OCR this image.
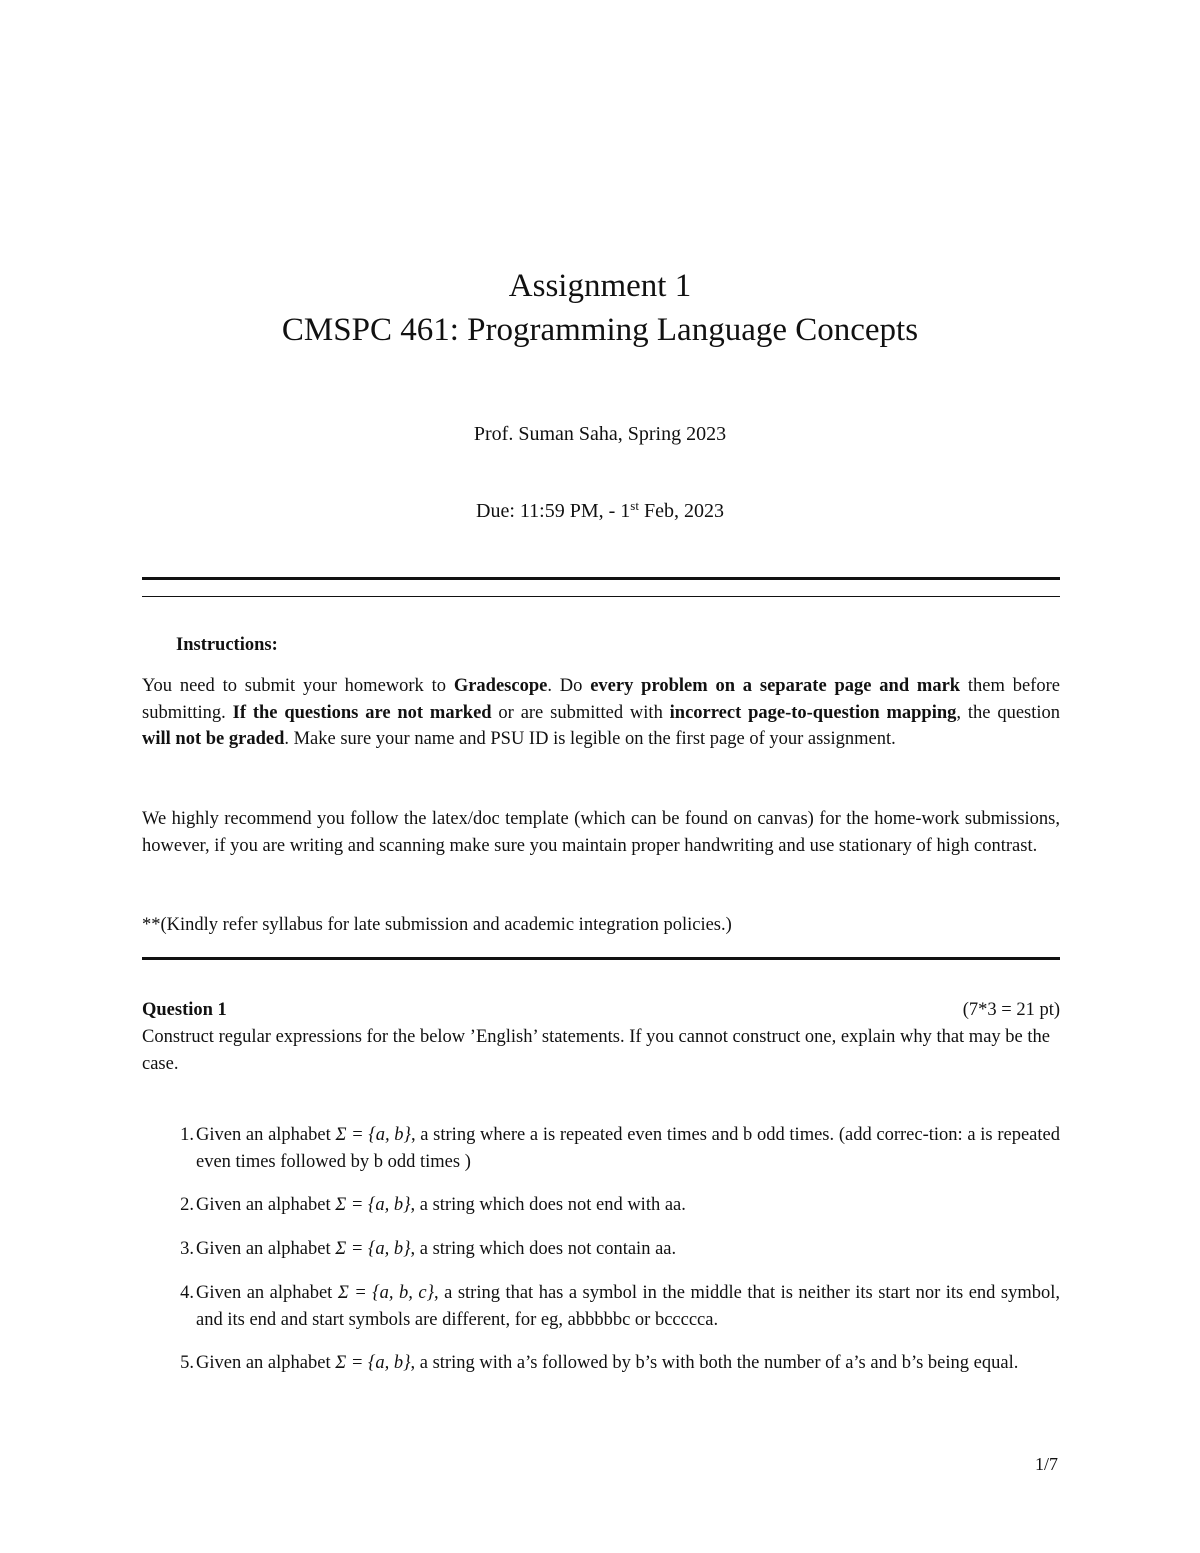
Assignment 1
CMSPC 461: Programming Language Concepts
Prof. Suman Saha, Spring 2023
Due: 11:59 PM, - 1st Feb, 2023
Instructions:
You need to submit your homework to Gradescope. Do every problem on a separate page and mark them before submitting. If the questions are not marked or are submitted with incorrect page-to-question mapping, the question will not be graded. Make sure your name and PSU ID is legible on the first page of your assignment.
We highly recommend you follow the latex/doc template (which can be found on canvas) for the home-work submissions, however, if you are writing and scanning make sure you maintain proper handwriting and use stationary of high contrast.
**(Kindly refer syllabus for late submission and academic integration policies.)
Question 1	(7*3 = 21 pt)
Construct regular expressions for the below ’English’ statements. If you cannot construct one, explain why that may be the case.
1. Given an alphabet Σ = {a, b}, a string where a is repeated even times and b odd times. (add correc-tion: a is repeated even times followed by b odd times )
2. Given an alphabet Σ = {a, b}, a string which does not end with aa.
3. Given an alphabet Σ = {a, b}, a string which does not contain aa.
4. Given an alphabet Σ = {a, b, c}, a string that has a symbol in the middle that is neither its start nor its end symbol, and its end and start symbols are different, for eg, abbbbbc or bccccca.
5. Given an alphabet Σ = {a, b}, a string with a’s followed by b’s with both the number of a’s and b’s being equal.
1/7
